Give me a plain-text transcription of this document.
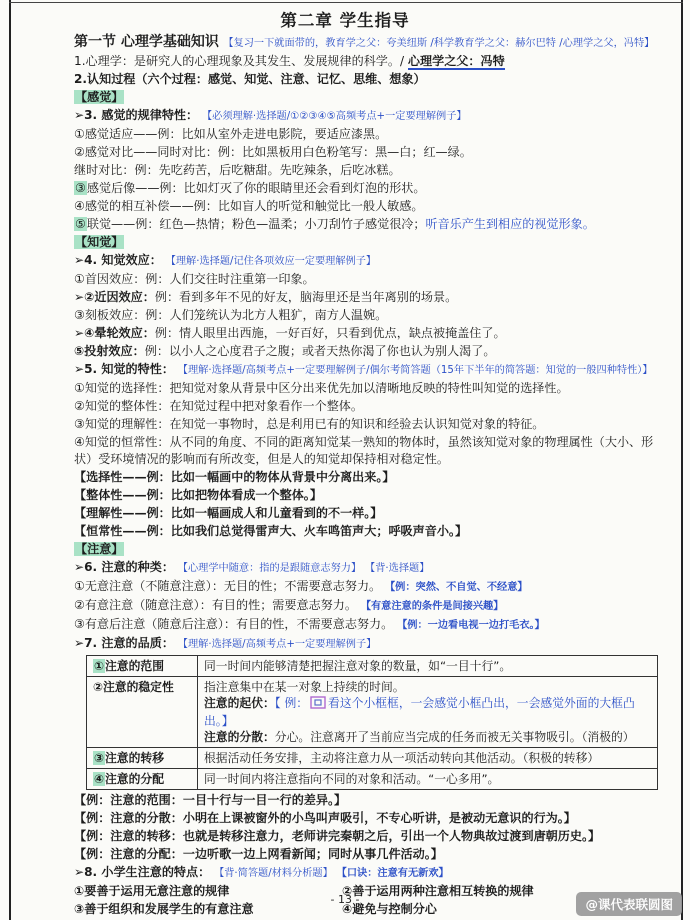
第二章 学生指导

第一节 心理学基础知识 【复习一下就面带的，教育学之父：夸美纽斯 /科学教育学之父：赫尔巴特 /心理学之父，冯特】

1.心理学：是研究人的心理现象及其发生、发展规律的科学。/ 心理学之父：冯特

2.认知过程（六个过程：感觉、知觉、注意、记忆、思维、想象）

【感觉】

➢3. 感觉的规律特性： 【必须理解·选择题/①②③④⑤高频考点+一定要理解例子】

①感觉适应——例：比如从室外走进电影院，要适应漆黑。

②感觉对比——同时对比：例：比如黑板用白色粉笔写：黑—白；红—绿。

继时对比：例：先吃药苦，后吃糖甜。先吃辣条，后吃冰糕。

③感觉后像——例：比如灯灭了你的眼睛里还会看到灯泡的形状。

④感觉的相互补偿——例：比如盲人的听觉和触觉比一般人敏感。

⑤联觉——例：红色—热情；粉色—温柔；小刀刮竹子感觉很冷；听音乐产生到相应的视觉形象。

【知觉】

➢4. 知觉效应： 【理解·选择题/记住各项效应一定要理解例子】

①首因效应：例：人们交往时注重第一印象。

➢②近因效应：例：看到多年不见的好友，脑海里还是当年离别的场景。

③刻板效应：例：人们笼统认为北方人粗犷，南方人温婉。

➢④晕轮效应：例：情人眼里出西施，一好百好，只看到优点，缺点被掩盖住了。

⑤投射效应：例：以小人之心度君子之腹；或者天热你渴了你也认为别人渴了。

➢5. 知觉的特性： 【理解·选择题/高频考点+一定要理解例子/偶尔考简答题（15年下半年的简答题：知觉的一般四种特性）】

①知觉的选择性：把知觉对象从背景中区分出来优先加以清晰地反映的特性叫知觉的选择性。

②知觉的整体性：在知觉过程中把对象看作一个整体。

③知觉的理解性：在知觉一事物时，总是利用已有的知识和经验去认识知觉对象的特征。

④知觉的恒常性：从不同的角度、不同的距离知觉某一熟知的物体时，虽然该知觉对象的物理属性（大小、形状）受环境情况的影响而有所改变，但是人的知觉却保持相对稳定性。

【选择性——例：比如一幅画中的物体从背景中分离出来。】

【整体性——例：比如把物体看成一个整体。】

【理解性——例：比如一幅画成人和儿童看到的不一样。】

【恒常性——例：比如我们总觉得雷声大、火车鸣笛声大；呼吸声音小。】

【注意】

➢6. 注意的种类： 【心理学中随意：指的是跟随意志努力】 【背·选择题】

①无意注意（不随意注意）：无目的性；不需要意志努力。 【例：突然、不自觉、不经意】

②有意注意（随意注意）：有目的性；需要意志努力。 【有意注意的条件是间接兴趣】

③有意后注意（随意后注意）：有目的性，不需要意志努力。 【例：一边看电视一边打毛衣。】

➢7. 注意的品质： 【理解·选择题/高频考点+一定要理解例子】

①注意的范围	同一时间内能够清楚把握注意对象的数量，如“一目十行”。
②注意的稳定性	指注意集中在某一对象上持续的时间。
注意的起伏：【 例： 看这个小框框，一会感觉小框凸出，一会感觉外面的大框凸出。】
注意的分散：分心。注意离开了当前应当完成的任务而被无关事物吸引。（消极的）

③注意的转移	根据活动任务安排，主动将注意力从一项活动转向其他活动。（积极的转移）
④注意的分配	同一时间内将注意指向不同的对象和活动。“一心多用”。

【例：注意的范围：一目十行与一目一行的差异。】

【例：注意的分散：小明在上课被窗外的小鸟叫声吸引，不专心听讲，是被动无意识的行为。】

【例：注意的转移：也就是转移注意力，老师讲完秦朝之后，引出一个人物典故过渡到唐朝历史。】

【例：注意的分配：一边听歌一边上网看新闻；同时从事几件活动。】

➢8. 小学生注意的特点： 【背·简答题/材料分析题】 【口诀：注意有无新欢】

①要善于运用无意注意的规律	②善于运用两种注意相互转换的规律

③善于组织和发展学生的有意注意	④避免与控制分心

- 13 -	@课代表联圆图
